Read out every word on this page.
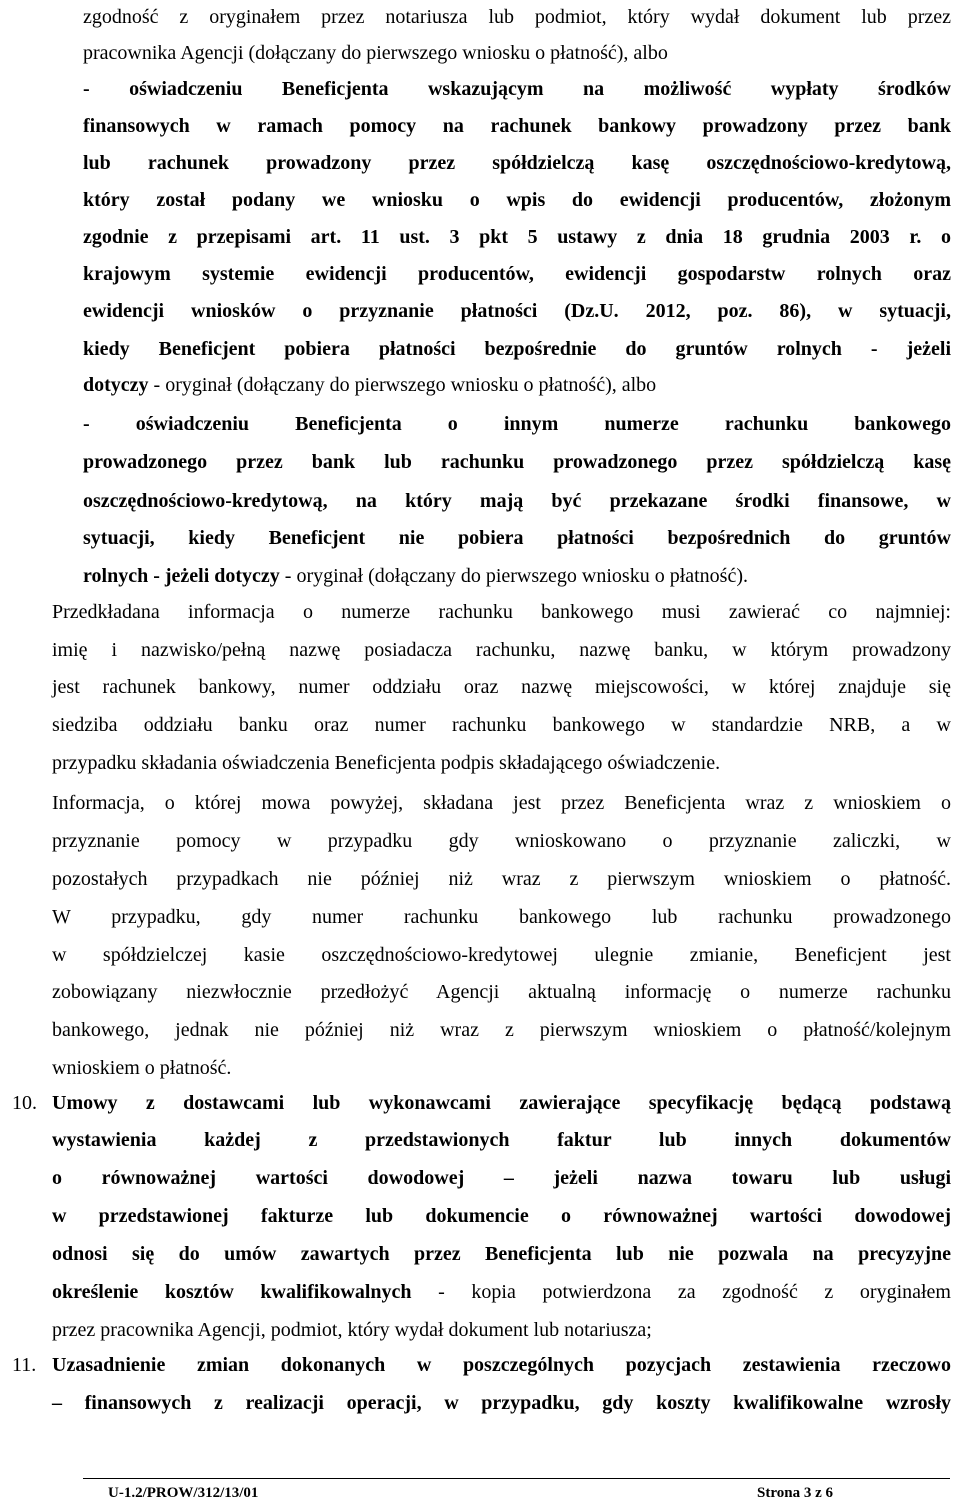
zgodność z oryginałem przez notariusza lub podmiot, który wydał dokument lub przez
pracownika Agencji (dołączany do pierwszego wniosku o płatność), albo
- oświadczeniu Beneficjenta wskazującym na możliwość wypłaty środków
finansowych w ramach pomocy na rachunek bankowy prowadzony przez bank
lub rachunek prowadzony przez spółdzielczą kasę oszczędnościowo-kredytową,
który został podany we wniosku o wpis do ewidencji producentów, złożonym
zgodnie z przepisami art. 11 ust. 3 pkt 5 ustawy z dnia 18 grudnia 2003 r. o
krajowym systemie ewidencji producentów, ewidencji gospodarstw rolnych oraz
ewidencji wniosków o przyznanie płatności (Dz.U. 2012, poz. 86), w sytuacji,
kiedy Beneficjent pobiera płatności bezpośrednie do gruntów rolnych - jeżeli
dotyczy - oryginał (dołączany do pierwszego wniosku o płatność), albo
- oświadczeniu Beneficjenta o innym numerze rachunku bankowego
prowadzonego przez bank lub rachunku prowadzonego przez spółdzielczą kasę
oszczędnościowo-kredytową, na który mają być przekazane środki finansowe, w
sytuacji, kiedy Beneficjent nie pobiera płatności bezpośrednich do gruntów
rolnych - jeżeli dotyczy - oryginał (dołączany do pierwszego wniosku o płatność).
Przedkładana informacja o numerze rachunku bankowego musi zawierać co najmniej:
imię i nazwisko/pełną nazwę posiadacza rachunku, nazwę banku, w którym prowadzony
jest rachunek bankowy, numer oddziału oraz nazwę miejscowości, w której znajduje się
siedziba oddziału banku oraz numer rachunku bankowego w standardzie NRB, a w
przypadku składania oświadczenia Beneficjenta podpis składającego oświadczenie.
Informacja, o której mowa powyżej, składana jest przez Beneficjenta wraz z wnioskiem o
przyznanie pomocy w przypadku gdy wnioskowano o przyznanie zaliczki, w
pozostałych przypadkach nie później niż wraz z pierwszym wnioskiem o płatność.
W przypadku, gdy numer rachunku bankowego lub rachunku prowadzonego
w spółdzielczej kasie oszczędnościowo-kredytowej ulegnie zmianie, Beneficjent jest
zobowiązany niezwłocznie przedłożyć Agencji aktualną informację o numerze rachunku
bankowego, jednak nie później niż wraz z pierwszym wnioskiem o płatność/kolejnym
wnioskiem o płatność.
Umowy z dostawcami lub wykonawcami zawierające specyfikację będącą podstawą
wystawienia każdej z przedstawionych faktur lub innych dokumentów
o równoważnej wartości dowodowej – jeżeli nazwa towaru lub usługi
w przedstawionej fakturze lub dokumencie o równoważnej wartości dowodowej
odnosi się do umów zawartych przez Beneficjenta lub nie pozwala na precyzyjne
określenie kosztów kwalifikowalnych - kopia potwierdzona za zgodność z oryginałem
przez pracownika Agencji, podmiot, który wydał dokument lub notariusza;
Uzasadnienie zmian dokonanych w poszczególnych pozycjach zestawienia rzeczowo
– finansowych z realizacji operacji, w przypadku, gdy koszty kwalifikowalne wzrosły
10.
11.
U-1.2/PROW/312/13/01	Strona 3 z 6
